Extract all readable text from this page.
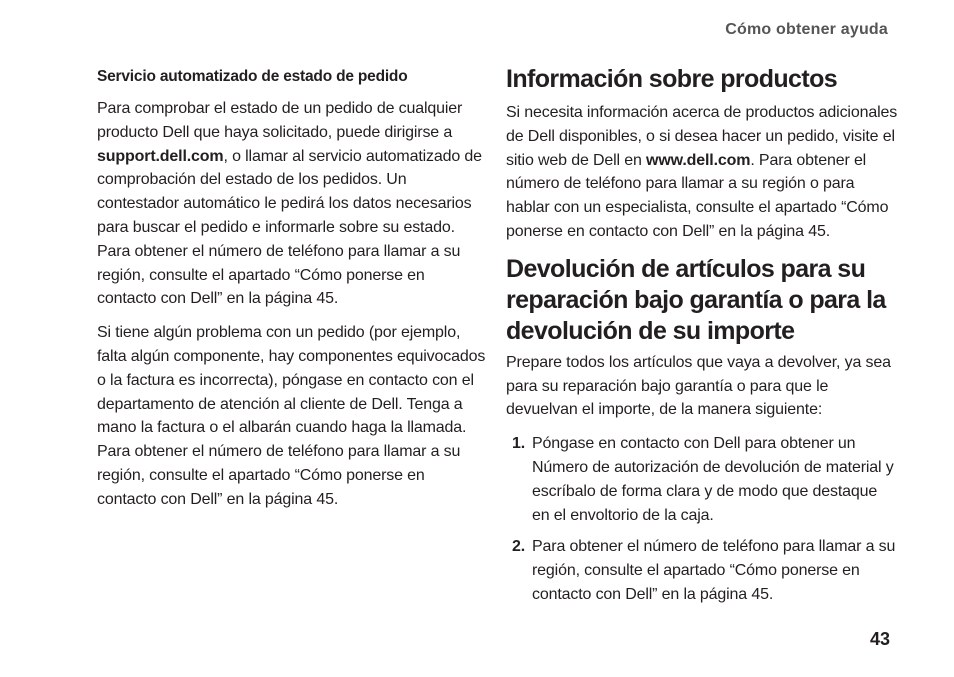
Cómo obtener ayuda
Servicio automatizado de estado de pedido

Para comprobar el estado de un pedido de cualquier producto Dell que haya solicitado, puede dirigirse a support.dell.com, o llamar al servicio automatizado de comprobación del estado de los pedidos. Un contestador automático le pedirá los datos necesarios para buscar el pedido e informarle sobre su estado. Para obtener el número de teléfono para llamar a su región, consulte el apartado “Cómo ponerse en contacto con Dell” en la página 45.

Si tiene algún problema con un pedido (por ejemplo, falta algún componente, hay componentes equivocados o la factura es incorrecta), póngase en contacto con el departamento de atención al cliente de Dell. Tenga a mano la factura o el albarán cuando haga la llamada. Para obtener el número de teléfono para llamar a su región, consulte el apartado “Cómo ponerse en contacto con Dell” en la página 45.

Información sobre productos

Si necesita información acerca de productos adicionales de Dell disponibles, o si desea hacer un pedido, visite el sitio web de Dell en www.dell.com. Para obtener el número de teléfono para llamar a su región o para hablar con un especialista, consulte el apartado “Cómo ponerse en contacto con Dell” en la página 45.

Devolución de artículos para su reparación bajo garantía o para la devolución de su importe

Prepare todos los artículos que vaya a devolver, ya sea para su reparación bajo garantía o para que le devuelvan el importe, de la manera siguiente:

1. Póngase en contacto con Dell para obtener un Número de autorización de devolución de material y escríbalo de forma clara y de modo que destaque en el envoltorio de la caja.
2. Para obtener el número de teléfono para llamar a su región, consulte el apartado “Cómo ponerse en contacto con Dell” en la página 45.
43
